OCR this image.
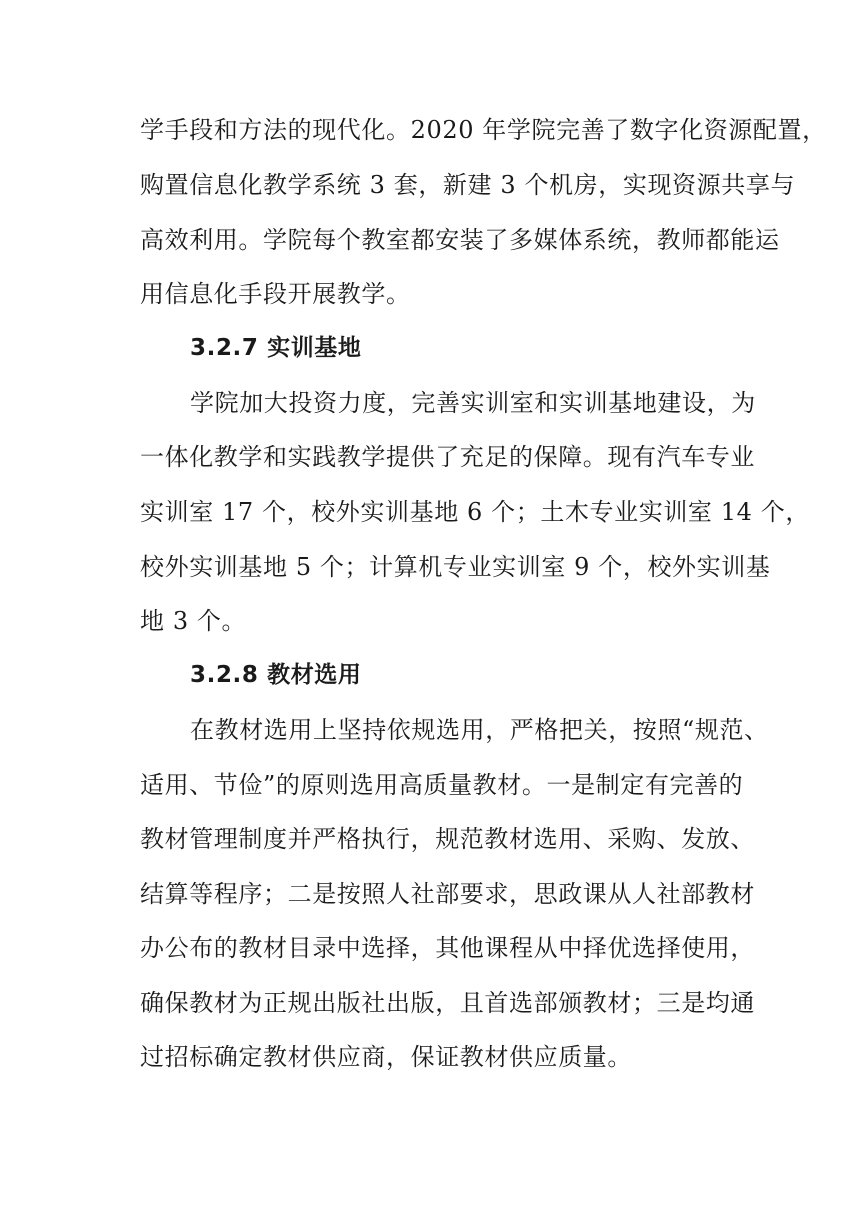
学手段和方法的现代化。2020 年学院完善了数字化资源配置，
购置信息化教学系统 3 套，新建 3 个机房，实现资源共享与
高效利用。学院每个教室都安装了多媒体系统，教师都能运
用信息化手段开展教学。
3.2.7 实训基地
学院加大投资力度，完善实训室和实训基地建设，为
一体化教学和实践教学提供了充足的保障。现有汽车专业
实训室 17 个，校外实训基地 6 个；土木专业实训室 14 个，
校外实训基地 5 个；计算机专业实训室 9 个，校外实训基
地 3 个。
3.2.8 教材选用
在教材选用上坚持依规选用，严格把关，按照“规范、
适用、节俭”的原则选用高质量教材。一是制定有完善的
教材管理制度并严格执行，规范教材选用、采购、发放、
结算等程序；二是按照人社部要求，思政课从人社部教材
办公布的教材目录中选择，其他课程从中择优选择使用，
确保教材为正规出版社出版，且首选部颁教材；三是均通
过招标确定教材供应商，保证教材供应质量。
